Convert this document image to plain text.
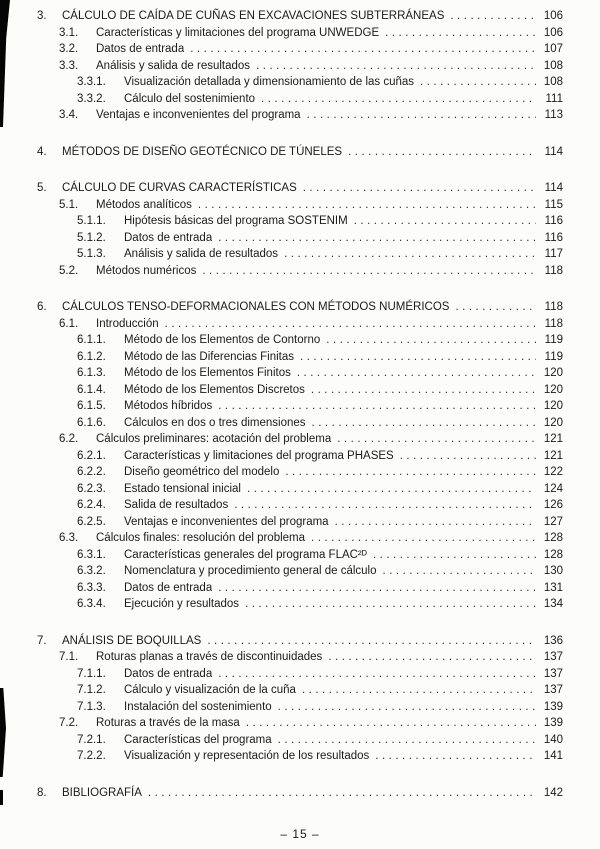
3.	CÁLCULO DE CAÍDA DE CUÑAS EN EXCAVACIONES SUBTERRÁNEAS .....	106
3.1.	Características y limitaciones del programa UNWEDGE .....	106
3.2.	Datos de entrada .....	107
3.3.	Análisis y salida de resultados .....	108
3.3.1.	Visualización detallada y dimensionamiento de las cuñas .....	108
3.3.2.	Cálculo del sostenimiento .....	111
3.4.	Ventajas e inconvenientes del programa .....	113
4.	MÉTODOS DE DISEÑO GEOTÉCNICO DE TÚNELES .....	114
5.	CÁLCULO DE CURVAS CARACTERÍSTICAS .....	114
5.1.	Métodos analíticos .....	115
5.1.1.	Hipótesis básicas del programa SOSTENIM .....	116
5.1.2.	Datos de entrada .....	116
5.1.3.	Análisis y salida de resultados .....	117
5.2.	Métodos numéricos .....	118
6.	CÁLCULOS TENSO-DEFORMACIONALES CON MÉTODOS NUMÉRICOS .....	118
6.1.	Introducción .....	118
6.1.1.	Método de los Elementos de Contorno .....	119
6.1.2.	Método de las Diferencias Finitas .....	119
6.1.3.	Método de los Elementos Finitos .....	120
6.1.4.	Método de los Elementos Discretos .....	120
6.1.5.	Métodos híbridos .....	120
6.1.6.	Cálculos en dos o tres dimensiones .....	120
6.2.	Cálculos preliminares: acotación del problema .....	121
6.2.1.	Características y limitaciones del programa PHASES .....	121
6.2.2.	Diseño geométrico del modelo .....	122
6.2.3.	Estado tensional inicial .....	124
6.2.4.	Salida de resultados .....	126
6.2.5.	Ventajas e inconvenientes del programa .....	127
6.3.	Cálculos finales: resolución del problema .....	128
6.3.1.	Características generales del programa FLAC²ᴰ .....	128
6.3.2.	Nomenclatura y procedimiento general de cálculo .....	130
6.3.3.	Datos de entrada .....	131
6.3.4.	Ejecución y resultados .....	134
7.	ANÁLISIS DE BOQUILLAS .....	136
7.1.	Roturas planas a través de discontinuidades .....	137
7.1.1.	Datos de entrada .....	137
7.1.2.	Cálculo y visualización de la cuña .....	137
7.1.3.	Instalación del sostenimiento .....	139
7.2.	Roturas a través de la masa .....	139
7.2.1.	Características del programa .....	140
7.2.2.	Visualización y representación de los resultados .....	141
8.	BIBLIOGRAFÍA .....	142
– 15 –
